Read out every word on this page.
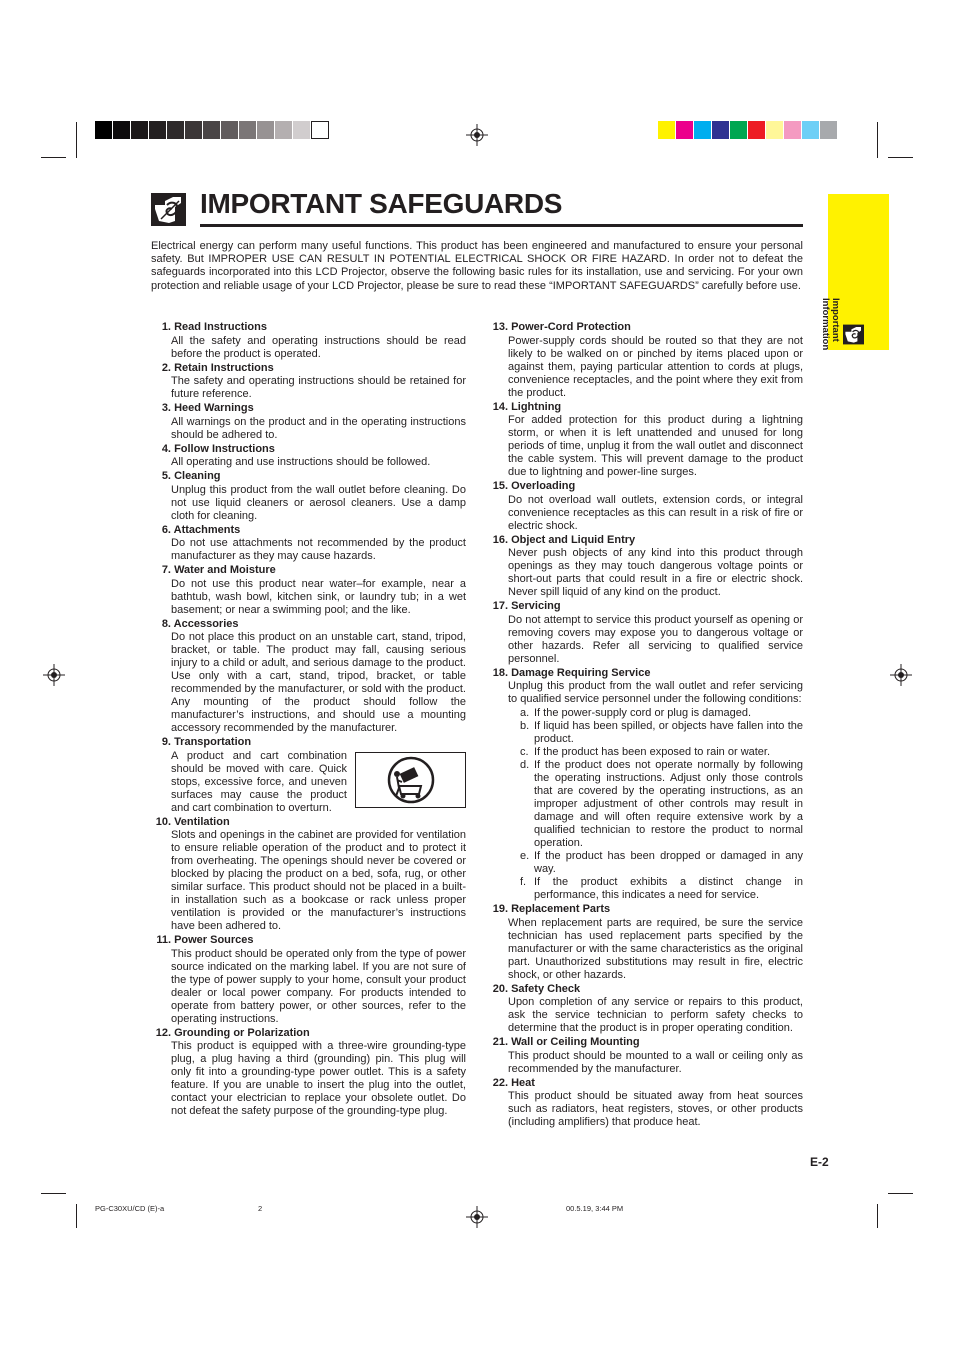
IMPORTANT SAFEGUARDS
Important
Information

Electrical energy can perform many useful functions. This product has been engineered and manufactured to ensure your personal safety. But IMPROPER USE CAN RESULT IN POTENTIAL ELECTRICAL SHOCK OR FIRE HAZARD. In order not to defeat the safeguards incorporated into this LCD Projector, observe the following basic rules for its installation, use and servicing. For your own protection and reliable usage of your LCD Projector, please be sure to read these “IMPORTANT SAFEGUARDS” carefully before use.

1. Read Instructions

All the safety and operating instructions should be read before the product is operated.

2. Retain Instructions

The safety and operating instructions should be retained for future reference.

3. Heed Warnings

All warnings on the product and in the operating instructions should be adhered to.

4. Follow Instructions

All operating and use instructions should be followed.

5. Cleaning

Unplug this product from the wall outlet before cleaning. Do not use liquid cleaners or aerosol cleaners. Use a damp cloth for cleaning.

6. Attachments

Do not use attachments not recommended by the product manufacturer as they may cause hazards.

7. Water and Moisture

Do not use this product near water–for example, near a bathtub, wash bowl, kitchen sink, or laundry tub; in a wet basement; or near a swimming pool; and the like.

8. Accessories

Do not place this product on an unstable cart, stand, tripod, bracket, or table. The product may fall, causing serious injury to a child or adult, and serious damage to the product. Use only with a cart, stand, tripod, bracket, or table recommended by the manufacturer, or sold with the product. Any mounting of the product should follow the manufacturer’s instructions, and should use a mounting accessory recommended by the manufacturer.

9. Transportation

A product and cart combination should be moved with care. Quick stops, excessive force, and uneven surfaces may cause the product and cart combination to overturn.

10. Ventilation

Slots and openings in the cabinet are provided for ventilation to ensure reliable operation of the product and to protect it from overheating. The openings should never be covered or blocked by placing the product on a bed, sofa, rug, or other similar surface. This product should not be placed in a built-in installation such as a bookcase or rack unless proper ventilation is provided or the manufacturer’s instructions have been adhered to.

11. Power Sources

This product should be operated only from the type of power source indicated on the marking label. If you are not sure of the type of power supply to your home, consult your product dealer or local power company. For products intended to operate from battery power, or other sources, refer to the operating instructions.

12. Grounding or Polarization

This product is equipped with a three-wire grounding-type plug, a plug having a third (grounding) pin. This plug will only fit into a grounding-type power outlet. This is a safety feature. If you are unable to insert the plug into the outlet, contact your electrician to replace your obsolete outlet. Do not defeat the safety purpose of the grounding-type plug.

13. Power-Cord Protection

Power-supply cords should be routed so that they are not likely to be walked on or pinched by items placed upon or against them, paying particular attention to cords at plugs, convenience receptacles, and the point where they exit from the product.

14. Lightning

For added protection for this product during a lightning storm, or when it is left unattended and unused for long periods of time, unplug it from the wall outlet and disconnect the cable system. This will prevent damage to the product due to lightning and power-line surges.

15. Overloading

Do not overload wall outlets, extension cords, or integral convenience receptacles as this can result in a risk of fire or electric shock.

16. Object and Liquid Entry

Never push objects of any kind into this product through openings as they may touch dangerous voltage points or short-out parts that could result in a fire or electric shock. Never spill liquid of any kind on the product.

17. Servicing

Do not attempt to service this product yourself as opening or removing covers may expose you to dangerous voltage or other hazards. Refer all servicing to qualified service personnel.

18. Damage Requiring Service

Unplug this product from the wall outlet and refer servicing to qualified service personnel under the following conditions:

a. If the power-supply cord or plug is damaged.
b. If liquid has been spilled, or objects have fallen into the product.
c. If the product has been exposed to rain or water.
d. If the product does not operate normally by following the operating instructions. Adjust only those controls that are covered by the operating instructions, as an improper adjustment of other controls may result in damage and will often require extensive work by a qualified technician to restore the product to normal operation.
e. If the product has been dropped or damaged in any way.
f. If the product exhibits a distinct change in performance, this indicates a need for service.
19. Replacement Parts

When replacement parts are required, be sure the service technician has used replacement parts specified by the manufacturer or with the same characteristics as the original part. Unauthorized substitutions may result in fire, electric shock, or other hazards.

20. Safety Check

Upon completion of any service or repairs to this product, ask the service technician to perform safety checks to determine that the product is in proper operating condition.

21. Wall or Ceiling Mounting

This product should be mounted to a wall or ceiling only as recommended by the manufacturer.

22. Heat

This product should be situated away from heat sources such as radiators, heat registers, stoves, or other products (including amplifiers) that produce heat.

E-2
PG-C30XU/CD (E)-a	2	00.5.19, 3:44 PM
